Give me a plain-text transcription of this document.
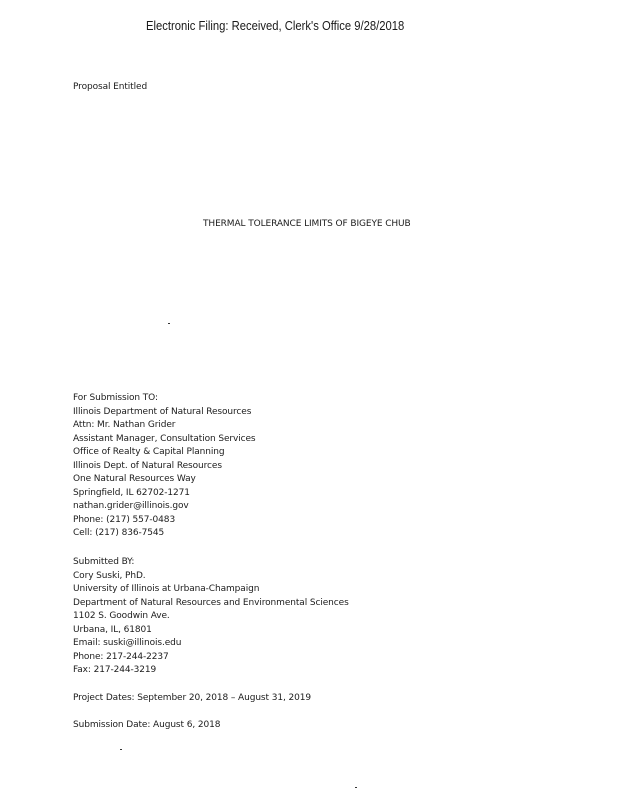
Electronic Filing: Received, Clerk's Office 9/28/2018
Proposal Entitled
THERMAL TOLERANCE LIMITS OF BIGEYE CHUB
For Submission TO:
Illinois Department of Natural Resources
Attn: Mr. Nathan Grider
Assistant Manager, Consultation Services
Office of Realty & Capital Planning
Illinois Dept. of Natural Resources
One Natural Resources Way
Springfield, IL 62702-1271
nathan.grider@illinois.gov
Phone: (217) 557-0483
Cell: (217) 836-7545
Submitted BY:
Cory Suski, PhD.
University of Illinois at Urbana-Champaign
Department of Natural Resources and Environmental Sciences
1102 S. Goodwin Ave.
Urbana, IL, 61801
Email: suski@illinois.edu
Phone: 217-244-2237
Fax: 217-244-3219
Project Dates: September 20, 2018 – August 31, 2019
Submission Date: August 6, 2018
